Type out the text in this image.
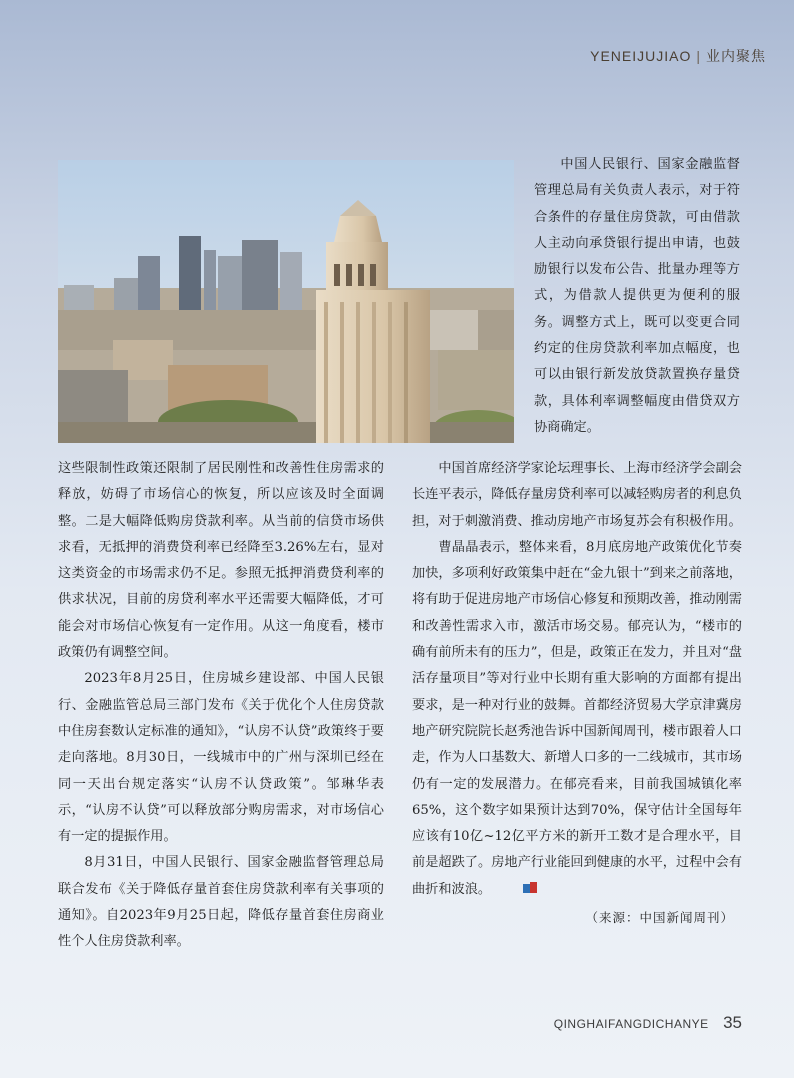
YENEIJUJIAO | 业内聚焦

中国人民银行、国家金融监督管理总局有关负责人表示，对于符合条件的存量住房贷款，可由借款人主动向承贷银行提出申请，也鼓励银行以发布公告、批量办理等方式，为借款人提供更为便利的服务。调整方式上，既可以变更合同约定的住房贷款利率加点幅度，也可以由银行新发放贷款置换存量贷款，具体利率调整幅度由借贷双方协商确定。

这些限制性政策还限制了居民刚性和改善性住房需求的释放，妨碍了市场信心的恢复，所以应该及时全面调整。二是大幅降低购房贷款利率。从当前的信贷市场供求看，无抵押的消费贷利率已经降至3.26%左右，显对这类资金的市场需求仍不足。参照无抵押消费贷利率的供求状况，目前的房贷利率水平还需要大幅降低，才可能会对市场信心恢复有一定作用。从这一角度看，楼市政策仍有调整空间。

2023年8月25日，住房城乡建设部、中国人民银行、金融监管总局三部门发布《关于优化个人住房贷款中住房套数认定标准的通知》，“认房不认贷”政策终于要走向落地。8月30日，一线城市中的广州与深圳已经在同一天出台规定落实“认房不认贷政策”。邹琳华表示，“认房不认贷”可以释放部分购房需求，对市场信心有一定的提振作用。

8月31日，中国人民银行、国家金融监督管理总局联合发布《关于降低存量首套住房贷款利率有关事项的通知》。自2023年9月25日起，降低存量首套住房商业性个人住房贷款利率。

中国首席经济学家论坛理事长、上海市经济学会副会长连平表示，降低存量房贷利率可以减轻购房者的利息负担，对于刺激消费、推动房地产市场复苏会有积极作用。

曹晶晶表示，整体来看，8月底房地产政策优化节奏加快，多项利好政策集中赶在“金九银十”到来之前落地，将有助于促进房地产市场信心修复和预期改善，推动刚需和改善性需求入市，激活市场交易。郁亮认为，“楼市的确有前所未有的压力”，但是，政策正在发力，并且对“盘活存量项目”等对行业中长期有重大影响的方面都有提出要求，是一种对行业的鼓舞。首都经济贸易大学京津冀房地产研究院院长赵秀池告诉中国新闻周刊，楼市跟着人口走，作为人口基数大、新增人口多的一二线城市，其市场仍有一定的发展潜力。在郁亮看来，目前我国城镇化率65%，这个数字如果预计达到70%，保守估计全国每年应该有10亿~12亿平方米的新开工数才是合理水平，目前是超跌了。房地产行业能回到健康的水平，过程中会有曲折和波浪。

（来源：中国新闻周刊）
QINGHAIFANGDICHANYE 35
